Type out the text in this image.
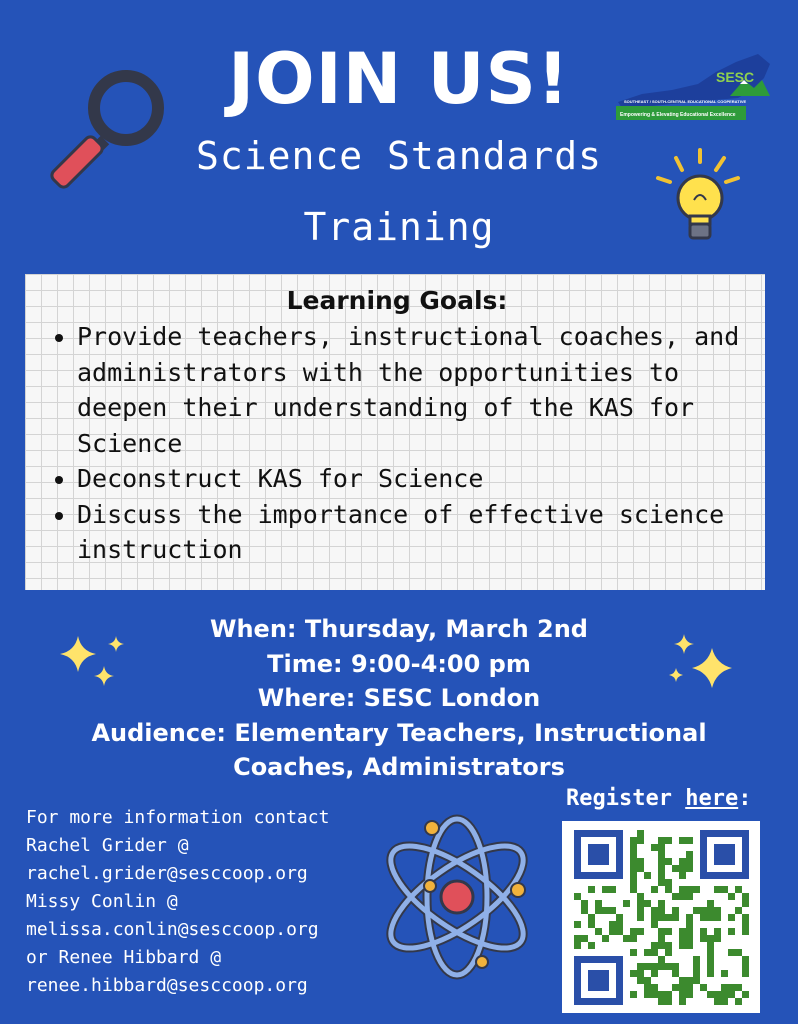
JOIN US!
Science Standards
Training
SESC
SOUTHEAST / SOUTH-CENTRAL EDUCATIONAL COOPERATIVE
Empowering & Elevating Educational Excellence
Learning Goals:
• Provide teachers, instructional coaches, and administrators with the opportunities to deepen their understanding of the KAS for Science
• Deconstruct KAS for Science
• Discuss the importance of effective science instruction
When: Thursday, March 2nd
Time: 9:00-4:00 pm
Where: SESC London
Audience: Elementary Teachers, Instructional
Coaches, Administrators
For more information contact
Rachel Grider @
rachel.grider@sesccoop.org
Missy Conlin @
melissa.conlin@sesccoop.org
or Renee Hibbard @
renee.hibbard@sesccoop.org
Register here:
